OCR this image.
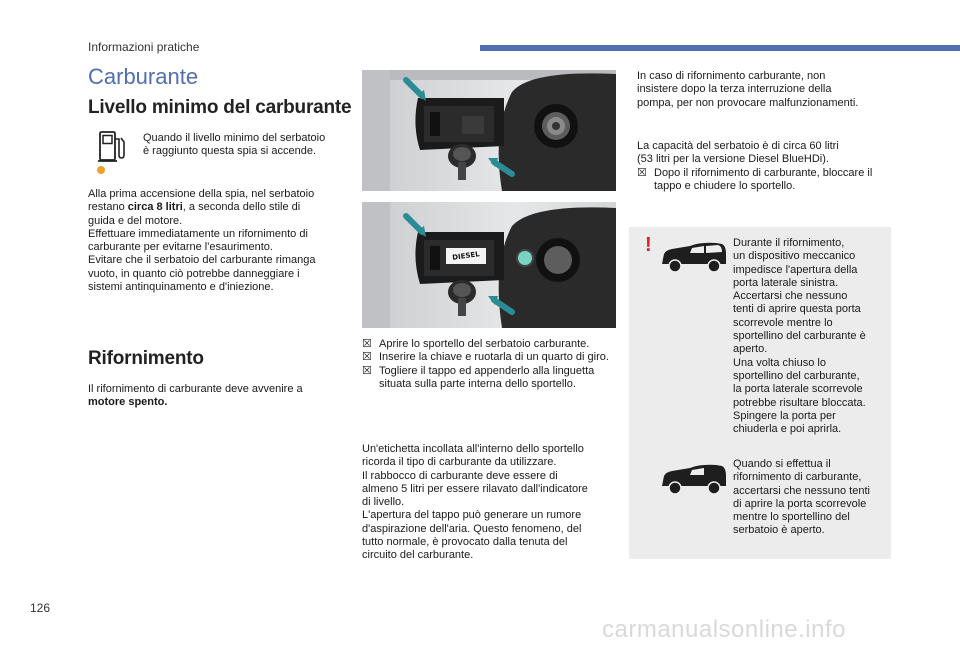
Informazioni pratiche
Carburante
Livello minimo del carburante
Quando il livello minimo del serbatoio è raggiunto questa spia si accende.

Alla prima accensione della spia, nel serbatoio
restano circa 8 litri, a seconda dello stile di
guida e del motore.

Effettuare immediatamente un rifornimento di
carburante per evitarne l'esaurimento.
Evitare che il serbatoio del carburante rimanga
vuoto, in quanto ciò potrebbe danneggiare i
sistemi antinquinamento e d'iniezione.

Rifornimento

Il rifornimento di carburante deve avvenire a
motore spento.

DIESEL
☒ Aprire lo sportello del serbatoio carburante.
☒ Inserire la chiave e ruotarla di un quarto di giro.
☒ Togliere il tappo ed appenderlo alla linguetta situata sulla parte interna dello sportello.

Un'etichetta incollata all'interno dello sportello
ricorda il tipo di carburante da utilizzare.
Il rabbocco di carburante deve essere di
almeno 5 litri per essere rilavato dall'indicatore
di livello.
L'apertura del tappo può generare un rumore
d'aspirazione dell'aria. Questo fenomeno, del
tutto normale, è provocato dalla tenuta del
circuito del carburante.

In caso di rifornimento carburante, non
insistere dopo la terza interruzione della
pompa, per non provocare malfunzionamenti.

La capacità del serbatoio è di circa 60 litri
(53 litri per la versione Diesel BlueHDi).

☒ Dopo il rifornimento di carburante, bloccare il tappo e chiudere lo sportello.
!	Durante il rifornimento,
un dispositivo meccanico
impedisce l'apertura della
porta laterale sinistra.
Accertarsi che nessuno
tenti di aprire questa porta
scorrevole mentre lo
sportellino del carburante è
aperto.
Una volta chiuso lo
sportellino del carburante,
la porta laterale scorrevole
potrebbe risultare bloccata.
Spingere la porta per
chiuderla e poi aprirla.

Quando si effettua il
rifornimento di carburante,
accertarsi che nessuno tenti
di aprire la porta scorrevole
mentre lo sportellino del
serbatoio è aperto.

126
carmanualsonline.info
